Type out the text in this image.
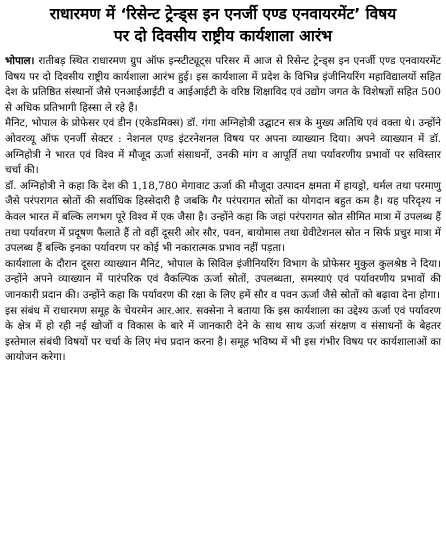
राधारमण में ‘रिसेन्ट ट्रेन्ड्स इन एनर्जी एण्ड एनवायरमेंट’ विषय
पर दो दिवसीय राष्ट्रीय कार्यशाला आरंभ

भोपाल। रातीबड़ स्थित राधारमण ग्रुप ऑफ इन्स्टीट्यूट्स परिसर में आज से रिसेन्ट ट्रेन्ड्स इन एनर्जी एण्ड एनवायरमेंट विषय पर दो दिवसीय राष्ट्रीय कार्यशाला आरंभ हुई। इस कार्यशाला में प्रदेश के विभिन्न इंजीनियरिंग महाविद्यालयों सहित देश के प्रतिष्ठित संस्थानों जैसे एनआईआईटी व आईआईटी के वरिष्ठ शिक्षाविद एवं उद्योग जगत के विशेषज्ञों सहित 500 से अधिक प्रतिभागी हिस्सा ले रहे हैं।

मैनिट, भोपाल के प्रोफेसर एवं डीन (एकेडमिक्स) डॉ. गंगा अग्निहोत्री उद्घाटन सत्र के मुख्य अतिथि एवं वक्ता थे। उन्होंने ओवरव्यू ऑफ एनर्जी सेक्टर : नेशनल एण्ड इंटरनेशनल विषय पर अपना व्याख्यान दिया। अपने व्याख्यान में डॉ. अग्निहोत्री ने भारत एवं विश्व में मौजूद ऊर्जा संसाधनों, उनकी मांग व आपूर्ति तथा पर्यावरणीय प्रभावों पर सविस्तार चर्चा की।

डॉ. अग्निहोत्री ने कहा कि देश की 1,18,780 मेगावाट ऊर्जा की मौजूदा उत्पादन क्षमता में हायड्रो, थर्मल तथा परमाणु जैसे परंपरागत स्रोतों की सर्वाधिक हिस्सेदारी है जबकि गैर परंपरागत स्रोतों का योगदान बहुत कम है। यह परिदृश्य न केवल भारत में बल्कि लगभग पूरे विश्व में एक जैसा है। उन्होंने कहा कि जहां परंपरागत स्रोत सीमित मात्रा में उपलब्ध हैं तथा पर्यावरण में प्रदूषण फैलाते हैं तो वहीं दूसरी ओर सौर, पवन, बायोमास तथा ग्रेवीटेशनल स्रोत न सिर्फ प्रचुर मात्रा में उपलब्ध हैं बल्कि इनका पर्यावरण पर कोई भी नकारात्मक प्रभाव नहीं पड़ता।

कार्यशाला के दौरान दूसरा व्याख्यान मैनिट, भोपाल के सिविल इंजीनियरिंग विभाग के प्रोफेसर मुकुल कुलश्रेष्ठ ने दिया। उन्होंने अपने व्याख्यान में पारंपरिक एवं वैकल्पिक ऊर्जा स्रोतों, उपलब्धता, समस्याएं एवं पर्यावरणीय प्रभावों की जानकारी प्रदान की। उन्होंने कहा कि पर्यावरण की रक्षा के लिए हमें सौर व पवन ऊर्जा जैसे स्रोतों को बढ़ावा देना होगा।

इस संबंध में राधारमण समूह के चेयरमेन आर.आर. सक्सेना ने बताया कि इस कार्यशाला का उद्देश्य ऊर्जा एवं पर्यावरण के क्षेत्र में हो रही नई खोजों व विकास के बारे में जानकारी देने के साथ साथ ऊर्जा संरक्षण व संसाधनों के बेहतर इस्तेमाल संबंधी विषयों पर चर्चा के लिए मंच प्रदान करना है। समूह भविष्य में भी इस गंभीर विषय पर कार्यशालाओं का आयोजन करेगा।
